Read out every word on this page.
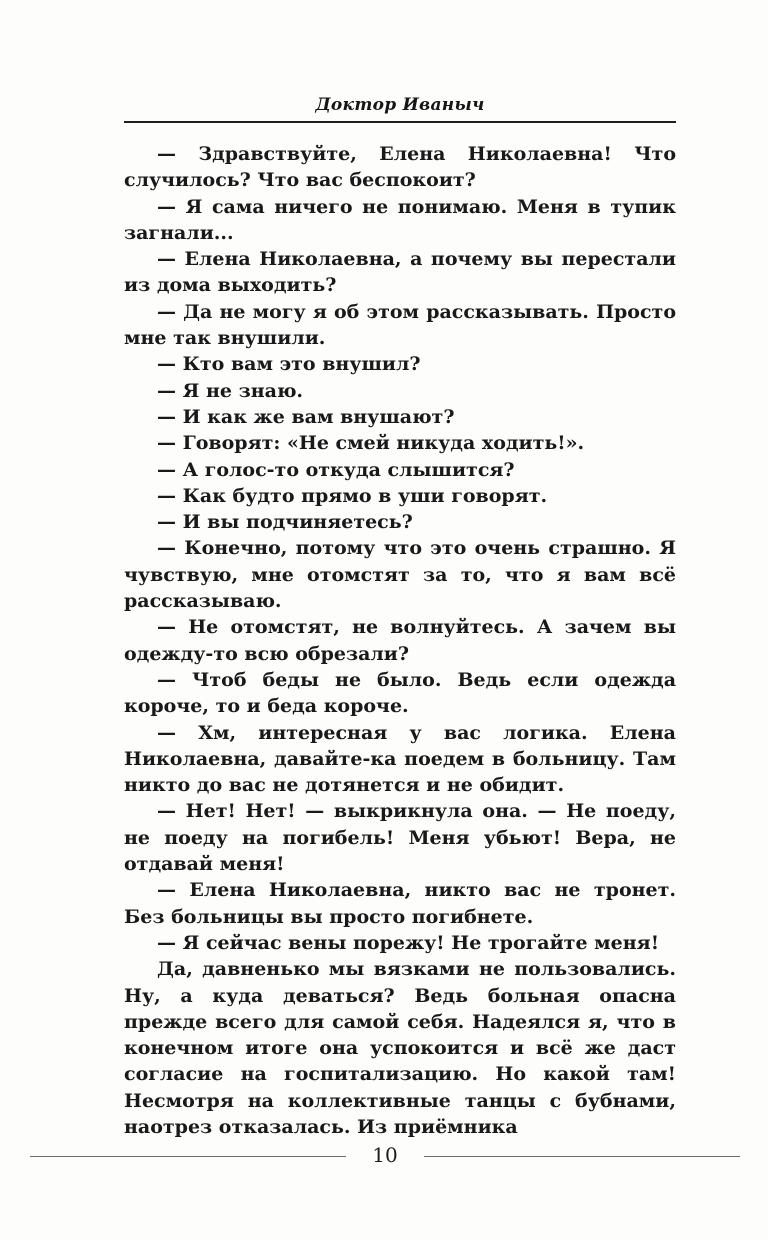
Доктор Иваныч

— Здравствуйте, Елена Николаевна! Что случилось? Что вас беспокоит?

— Я сама ничего не понимаю. Меня в тупик загнали...

— Елена Николаевна, а почему вы перестали из дома выходить?

— Да не могу я об этом рассказывать. Просто мне так внушили.

— Кто вам это внушил?

— Я не знаю.

— И как же вам внушают?

— Говорят: «Не смей никуда ходить!».

— А голос-то откуда слышится?

— Как будто прямо в уши говорят.

— И вы подчиняетесь?

— Конечно, потому что это очень страшно. Я чувствую, мне отомстят за то, что я вам всё рассказываю.

— Не отомстят, не волнуйтесь. А зачем вы одежду-то всю обрезали?

— Чтоб беды не было. Ведь если одежда короче, то и беда короче.

— Хм, интересная у вас логика. Елена Николаевна, давайте-ка поедем в больницу. Там никто до вас не дотянется и не обидит.

— Нет! Нет! — выкрикнула она. — Не поеду, не поеду на погибель! Меня убьют! Вера, не отдавай меня!

— Елена Николаевна, никто вас не тронет. Без больницы вы просто погибнете.

— Я сейчас вены порежу! Не трогайте меня!

Да, давненько мы вязками не пользовались. Ну, а куда деваться? Ведь больная опасна прежде всего для самой себя. Надеялся я, что в конечном итоге она успокоится и всё же даст согласие на госпитализацию. Но какой там! Несмотря на коллективные танцы с бубнами, наотрез отказалась. Из приёмника

10
